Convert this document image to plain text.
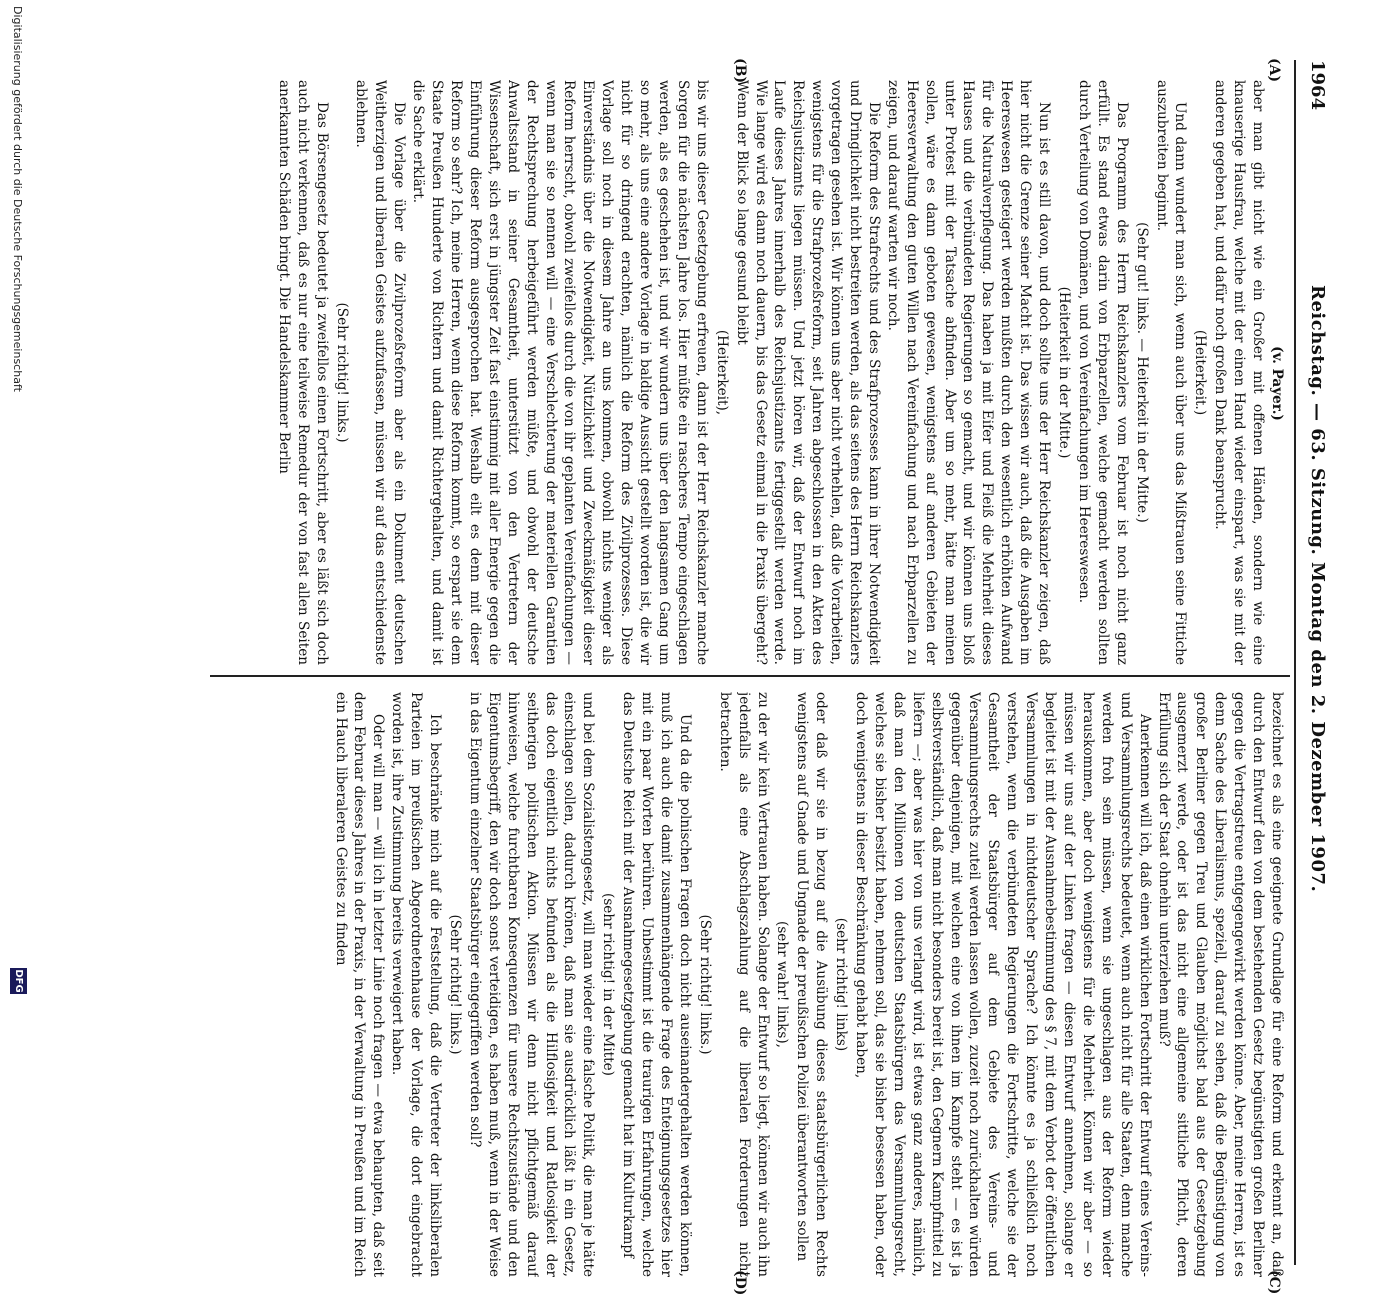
1964
Reichstag. — 63. Sitzung. Montag den 2. Dezember 1907.
(A)
(B)
(C)
(D)

(v. Payer.)

aber man gibt nicht wie ein Großer mit offenen Händen, sondern wie eine knauserige Hausfrau, welche mit der einen Hand wieder einspart, was sie mit der anderen gegeben hat, und dafür noch großen Dank beansprucht.

(Heiterkeit.)

Und dann wundert man sich, wenn auch über uns das Mißtrauen seine Fittiche auszubreiten beginnt.

(Sehr gut! links. — Heiterkeit in der Mitte.)

Das Programm des Herrn Reichskanzlers vom Februar ist noch nicht ganz erfüllt. Es stand etwas darin von Erbparzellen, welche gemacht werden sollten durch Verteilung von Domänen, und von Vereinfachungen im Heereswesen.

(Heiterkeit in der Mitte.)

Nun ist es still davon, und doch sollte uns der Herr Reichskanzler zeigen, daß hier nicht die Grenze seiner Macht ist. Das wissen wir auch, daß die Ausgaben im Heereswesen gesteigert werden mußten durch den wesentlich erhöhten Aufwand für die Naturalverpflegung. Das haben ja mit Eifer und Fleiß die Mehrheit dieses Hauses und die verbündeten Regierungen so gemacht, und wir können uns bloß unter Protest mit der Tatsache abfinden. Aber um so mehr, hätte man meinen sollen, wäre es dann geboten gewesen, wenigstens auf anderen Gebieten der Heeresverwaltung den guten Willen nach Vereinfachung und nach Erbparzellen zu zeigen, und darauf warten wir noch.

Die Reform des Strafrechts und des Strafprozesses kann in ihrer Notwendigkeit und Dringlichkeit nicht bestreiten werden, als das seitens des Herrn Reichskanzlers vorgetragen gesehen ist. Wir können uns aber nicht verhehlen, daß die Vorarbeiten, wenigstens für die Strafprozeßreform, seit Jahren abgeschlossen in den Akten des Reichsjustizamts liegen müssen. Und jetzt hören wir, daß der Entwurf noch im Laufe dieses Jahres innerhalb des Reichsjustizamts fertiggestellt werden werde. Wie lange wird es dann noch dauern, bis das Gesetz einmal in die Praxis übergeht? Wenn der Blick so lange gesund bleibt

(Heiterkeit),

bis wir uns dieser Gesetzgebung erfreuen, dann ist der Herr Reichskanzler manche Sorgen für die nächsten Jahre los. Hier müßte ein rascheres Tempo eingeschlagen werden, als es geschehen ist, und wir wundern uns über den langsamen Gang um so mehr, als uns eine andere Vorlage in baldige Aussicht gestellt worden ist, die wir nicht für so dringend erachten, nämlich die Reform des Zivilprozesses. Diese Vorlage soll noch in diesem Jahre an uns kommen, obwohl nichts weniger als Einverständnis über die Notwendigkeit, Nützlichkeit und Zweckmäßigkeit dieser Reform herrscht, obwohl zweifellos durch die von ihr geplanten Vereinfachungen — wenn man sie so nennen will — eine Verschlechterung der materiellen Garantien der Rechtsprechung herbeigeführt werden müßte, und obwohl der deutsche Anwaltsstand in seiner Gesamtheit, unterstützt von den Vertretern der Wissenschaft, sich erst in jüngster Zeit fast einstimmig mit aller Energie gegen die Einführung dieser Reform ausgesprochen hat. Weshalb eilt es denn mit dieser Reform so sehr? Ich, meine Herren, wenn diese Reform kommt, so erspart sie dem Staate Preußen Hunderte von Richtern und damit Richtergehalten, und damit ist die Sache erklärt.

Die Vorlage über die Zivilprozeßreform aber als ein Dokument deutschen Weitherzigen und liberalen Geistes aufzufassen, müssen wir auf das entschiedenste ablehnen.

(Sehr richtig! links.)

Das Börsengesetz bedeutet ja zweifellos einen Fortschritt, aber es läßt sich doch auch nicht verkennen, daß es nur eine teilweise Remedur der von fast allen Seiten anerkannten Schäden bringt. Die Handelskammer Berlin

bezeichnet es als eine geeignete Grundlage für eine Reform und erkennt an, daß durch den Entwurf den von dem bestehenden Gesetz begünstigten großen Berliner gegen die Vertragstreue entgegengewirkt werden könne. Aber, meine Herren, ist es denn Sache des Liberalismus, speziell, darauf zu sehen, daß die Begünstigung von großer Berliner gegen Treu und Glauben möglichst bald aus der Gesetzgebung ausgemerzt werde, oder ist das nicht eine allgemeine sittliche Pflicht, deren Erfüllung sich der Staat ohnehin unterziehen muß?

Anerkennen will ich, daß einen wirklichen Fortschritt der Entwurf eines Vereins- und Versammlungsrechts bedeutet, wenn auch nicht für alle Staaten, denn manche werden froh sein müssen, wenn sie ungeschlagen aus der Reform wieder herauskommen, aber doch wenigstens für die Mehrheit. Können wir aber — so müssen wir uns auf der Linken fragen — diesen Entwurf annehmen, solange er begleitet ist mit der Ausnahmebestimmung des § 7, mit dem Verbot der öffentlichen Versammlungen in nichtdeutscher Sprache? Ich könnte es ja schließlich noch verstehen, wenn die verbündeten Regierungen die Fortschritte, welche sie der Gesamtheit der Staatsbürger auf dem Gebiete des Vereins- und Versammlungsrechts zuteil werden lassen wollen, zuzeit noch zurückhalten würden gegenüber denjenigen, mit welchen eine von ihnen im Kampfe steht — es ist ja selbstverständlich, daß man nicht besonders bereit ist, den Gegnern Kampfmittel zu liefern —; aber was hier von uns verlangt wird, ist etwas ganz anderes, nämlich, daß man den Millionen von deutschen Staatsbürgern das Versammlungsrecht, welches sie bisher besitzt haben, nehmen soll, das sie bisher besessen haben, oder doch wenigstens in dieser Beschränkung gehabt haben,

(sehr richtig! links)

oder daß wir sie in bezug auf die Ausübung dieses staatsbürgerlichen Rechts wenigstens auf Gnade und Ungnade der preußischen Polizei überantworten sollen

(sehr wahr! links),

zu der wir kein Vertrauen haben. Solange der Entwurf so liegt, können wir auch ihn jedenfalls als eine Abschlagszahlung auf die liberalen Forderungen nicht betrachten.

(Sehr richtig! links.)

Und da die polnischen Fragen doch nicht auseinandergehalten werden können, muß ich auch die damit zusammenhängende Frage des Enteignungsgesetzes hier mit ein paar Worten berühren. Unbestimmt ist die traurigen Erfahrungen, welche das Deutsche Reich mit der Ausnahmegesetzgebung gemacht hat im Kulturkampf

(sehr richtig! in der Mitte)

und bei dem Sozialistengesetz, will man wieder eine falsche Politik, die man je hätte einschlagen sollen, dadurch krönen, daß man sie ausdrücklich läßt in ein Gesetz, das doch eigentlich nichts befunden als die Hilflosigkeit und Ratlosigkeit der seitherigen politischen Aktion. Müssen wir denn nicht pflichtgemäß darauf hinweisen, welche furchtbaren Konsequenzen für unsere Rechtszustände und den Eigentumsbegriff, den wir doch sonst verteidigen, es haben muß, wenn in der Weise in das Eigentum einzelner Staatsbürger eingegriffen werden soll?

(Sehr richtig! links.)

Ich beschränke mich auf die Feststellung, daß die Vertreter der linksliberalen Parteien im preußischen Abgeordnetenhause der Vorlage, die dort eingebracht worden ist, ihre Zustimmung bereits verweigert haben.

Oder will man — will ich in letzter Linie noch fragen — etwa behaupten, daß seit dem Februar dieses Jahres in der Praxis, in der Verwaltung in Preußen und im Reich ein Hauch liberaleren Geistes zu finden

Digitalisierung gefördert durch die Deutsche Forschungsgemeinschaft
DFG
